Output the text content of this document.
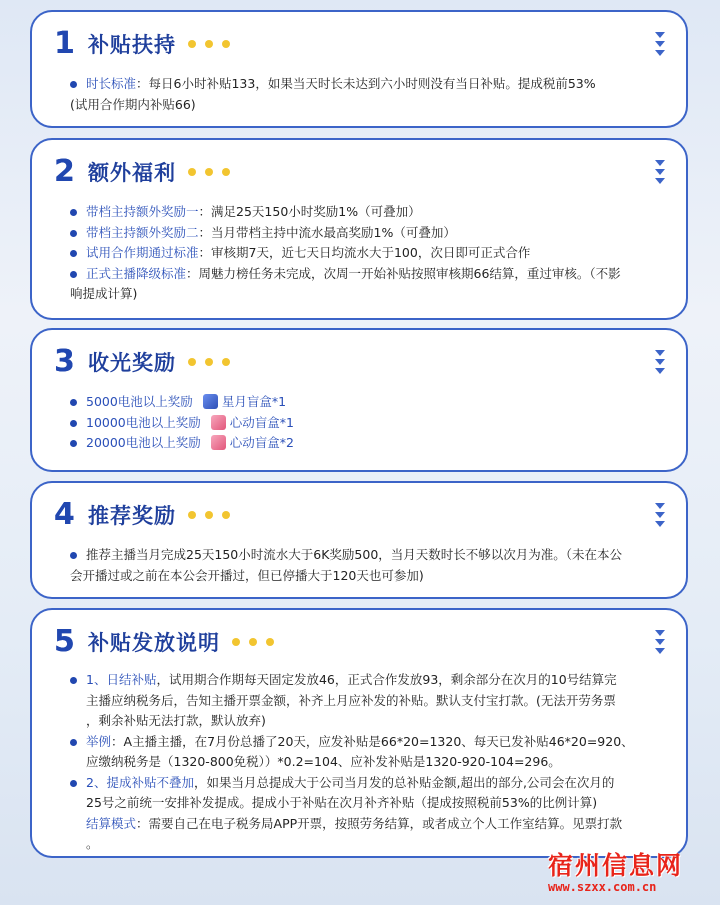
1 补贴扶持
时长标准：每日6小时补贴133，如果当天时长未达到六小时则没有当日补贴。提成税前53%
(试用合作期内补贴66)
2 额外福利
带档主持额外奖励一：满足25天150小时奖励1%（可叠加）
带档主持额外奖励二：当月带档主持中流水最高奖励1%（可叠加）
试用合作期通过标准：审核期7天，近七天日均流水大于100，次日即可正式合作
正式主播降级标准：周魅力榜任务未完成，次周一开始补贴按照审核期66结算，重过审核。（不影
响提成计算)
3 收光奖励
5000电池以上奖励 星月盲盒*1
10000电池以上奖励 心动盲盒*1
20000电池以上奖励 心动盲盒*2
4 推荐奖励
推荐主播当月完成25天150小时流水大于6K奖励500，当月天数时长不够以次月为准。（未在本公
会开播过或之前在本公会开播过，但已停播大于120天也可参加)
5 补贴发放说明
1、日结补贴，试用期合作期每天固定发放46，正式合作发放93，剩余部分在次月的10号结算完
主播应纳税务后，告知主播开票金额，补齐上月应补发的补贴。默认支付宝打款。(无法开劳务票
，剩余补贴无法打款，默认放弃)
举例：A主播主播，在7月份总播了20天，应发补贴是66*20=1320、每天已发补贴46*20=920、
应缴纳税务是（1320-800免税））*0.2=104、应补发补贴是1320-920-104=296。
2、提成补贴不叠加，如果当月总提成大于公司当月发的总补贴金额,超出的部分,公司会在次月的
25号之前统一安排补发提成。提成小于补贴在次月补齐补贴（提成按照税前53%的比例计算)
结算模式：需要自己在电子税务局APP开票，按照劳务结算，或者成立个人工作室结算。见票打款
。
宿州信息网
www.szxx.com.cn
